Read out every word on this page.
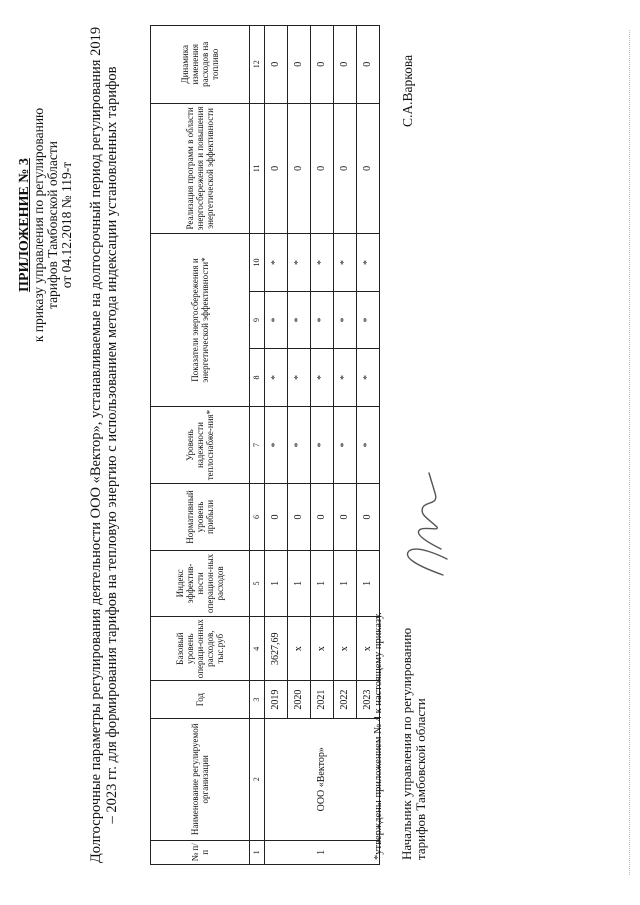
ПРИЛОЖЕНИЕ № 3 к приказу управления по регулированию тарифов Тамбовской области от 04.12.2018 № 119-т Долгосрочные параметры регулирования деятельности ООО «Вектор», устанавливаемые на долгосрочный период регулирования 2019 – 2023 гг. для формирования тарифов на тепловую энергию с использованием метода индексации установленных тарифов
№ п/п	Наименование регулируемой организации	Год	Базовый уровень операци-онных расходов, тыс.руб	Индекс эффектив-ности операцион-ных расходов	Нормативный уровень прибыли	Уровень надежности теплоснабже-ния*	Показатели энергосбережения и энергетической эффективности*			Реализация программ в области энергосбережения и повышения энергетической эффективности	Динамика изменения расходов на топливо
1	2	3	4	5	6	7	8	9	10	11	12
1	ООО «Вектор»	2019	3627,69	1	0	*	*	*	*	0	0
		2020	х	1	0	*	*	*	*	0	0
		2021	х	1	0	*	*	*	*	0	0
		2022	х	1	0	*	*	*	*	0	0
		2023	х	1	0	*	*	*	*	0	0
*утверждены приложением № 4 к настоящему приказу. Начальник управления по регулированию тарифов Тамбовской области
С.А.Варкова
